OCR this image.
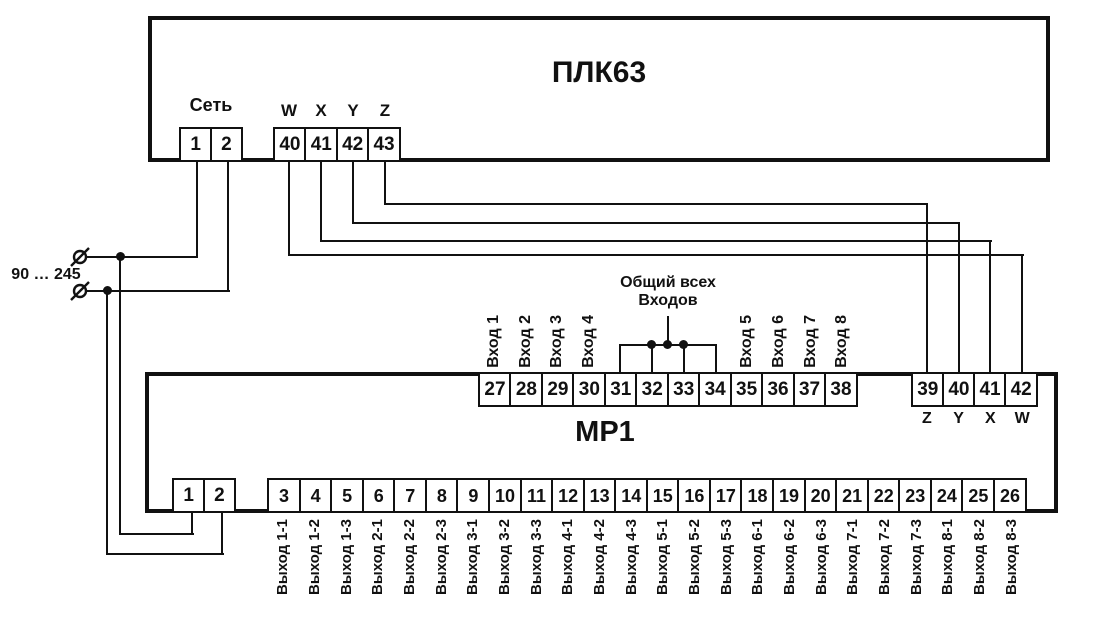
ПЛК63
МР1
90 … 245	Общий всех
Входов
Сеть
1	2
W	X	Y	Z
40 41 42 43
Вход 1 Вход 2 Вход 3 Вход 4	Вход 5 Вход 6 Вход 7 Вход 8
27 28 29 30 31 32 33 34 35 36 37 38	39 40 41 42
Z	Y	X	W
1	2	3	4	5	6	7	8	9 10 11 12 13 14 15 16 17 18 19 20 21 22 23 24 25 26
Выход 1-1 Выход 1-2 Выход 1-3 Выход 2-1 Выход 2-2 Выход 2-3 Выход 3-1 Выход 3-2 Выход 3-3 Выход 4-1 Выход 4-2 Выход 4-3 Выход 5-1 Выход 5-2 Выход 5-3 Выход 6-1 Выход 6-2 Выход 6-3 Выход 7-1 Выход 7-2 Выход 7-3 Выход 8-1 Выход 8-2 Выход 8-3
